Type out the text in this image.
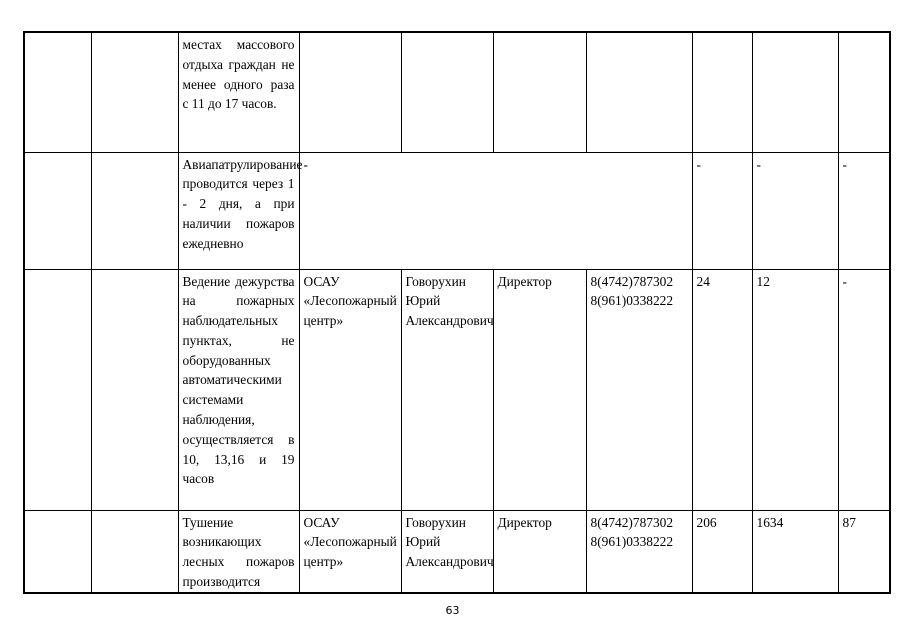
		местах массового отдыха граждан не менее одного раза с 11 до 17 часов.							
		Авиапатрулирование проводится через 1 - 2 дня, а при наличии пожаров ежедневно	-				-	-	-
		Ведение дежурства на пожарных наблюдательных пунктах, не оборудованных автоматическими системами наблюдения, осуществляется в 10, 13,16 и 19 часов	ОСАУ «Лесопожарный центр»	Говорухин Юрий Александрович	Директор	8(4742)787302
8(961)0338222	24	12	-
		Тушение возникающих лесных пожаров производится	ОСАУ «Лесопожарный центр»	Говорухин Юрий Александрович	Директор	8(4742)787302
8(961)0338222	206	1634	87
63
